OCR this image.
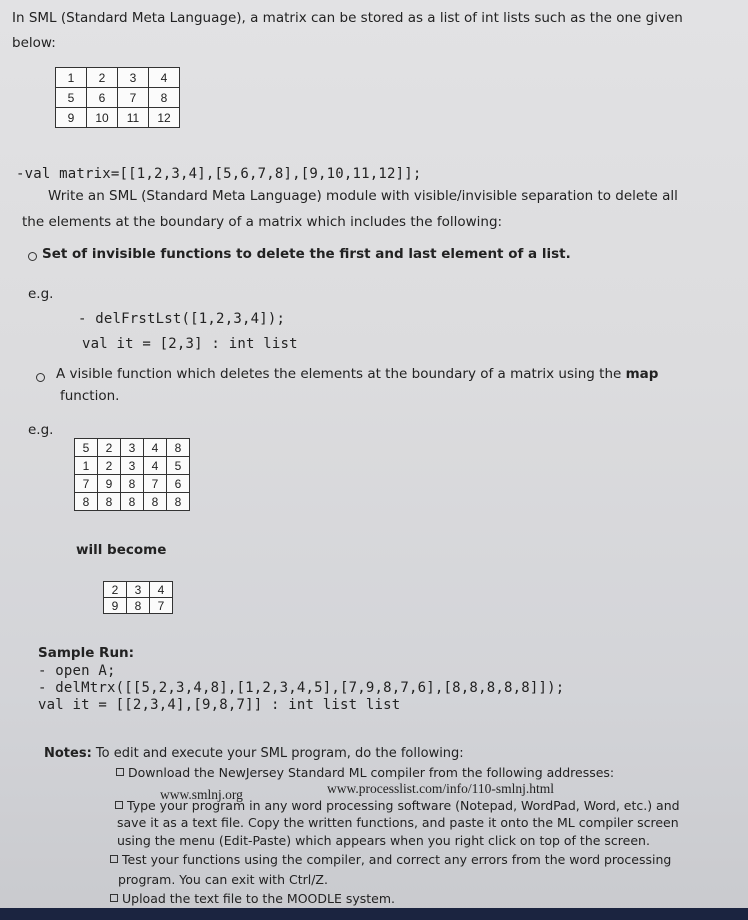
In SML (Standard Meta Language), a matrix can be stored as a list of int lists such as the one given
below:
1	2	3	4
5	6	7	8
9	10	11	12
-val matrix=[[1,2,3,4],[5,6,7,8],[9,10,11,12]];
Write an SML (Standard Meta Language) module with visible/invisible separation to delete all
the elements at the boundary of a matrix which includes the following:
Set of invisible functions to delete the first and last element of a list.
e.g.
- delFrstLst([1,2,3,4]);
val it = [2,3] : int list
A visible function which deletes the elements at the boundary of a matrix using the map
function.
e.g.
5	2	3	4	8
1	2	3	4	5
7	9	8	7	6
8	8	8	8	8
will become
2	3	4
9	8	7
Sample Run:
- open A;
- delMtrx([[5,2,3,4,8],[1,2,3,4,5],[7,9,8,7,6],[8,8,8,8,8]]);
val it = [[2,3,4],[9,8,7]] : int list list
Notes: To edit and execute your SML program, do the following:
Download the NewJersey Standard ML compiler from the following addresses:
www.smlnj.org	www.processlist.com/info/110-smlnj.html
Type your program in any word processing software (Notepad, WordPad, Word, etc.) and
save it as a text file. Copy the written functions, and paste it onto the ML compiler screen
using the menu (Edit-Paste) which appears when you right click on top of the screen.
Test your functions using the compiler, and correct any errors from the word processing
program. You can exit with Ctrl/Z.
Upload the text file to the MOODLE system.
